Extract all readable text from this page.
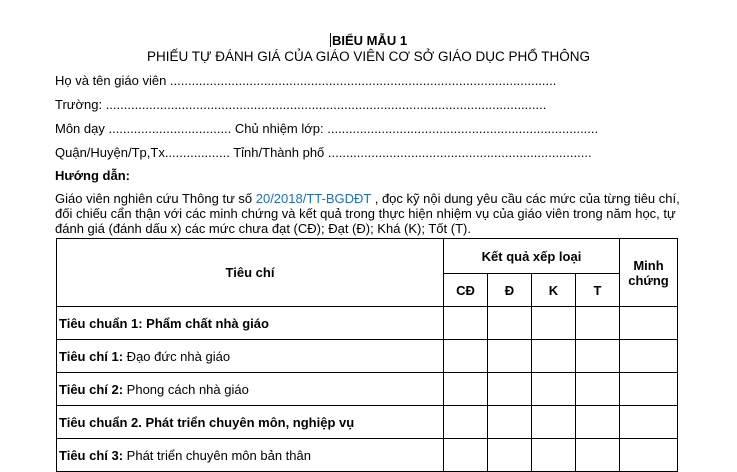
BIỂU MẪU 1
PHIẾU TỰ ĐÁNH GIÁ CỦA GIÁO VIÊN CƠ SỞ GIÁO DỤC PHỔ THÔNG
Họ và tên giáo viên ...........................................................................................................
Trường: ..........................................................................................................................
Môn dạy .................................. Chủ nhiệm lớp: ...........................................................................
Quận/Huyện/Tp,Tx.................. Tỉnh/Thành phố .........................................................................
Hướng dẫn:
Giáo viên nghiên cứu Thông tư số 20/2018/TT-BGDĐT , đọc kỹ nội dung yêu cầu các mức của từng tiêu chí, đối chiếu cẩn thận với các minh chứng và kết quả trong thực hiện nhiệm vụ của giáo viên trong năm học, tự đánh giá (đánh dấu x) các mức chưa đạt (CĐ); Đạt (Đ); Khá (K); Tốt (T).
Tiêu chí	Kết quả xếp loại				Minh chứng
	CĐ	Đ	K	T	
Tiêu chuẩn 1: Phẩm chất nhà giáo					
Tiêu chí 1: Đạo đức nhà giáo					
Tiêu chí 2: Phong cách nhà giáo					
Tiêu chuẩn 2. Phát triển chuyên môn, nghiệp vụ					
Tiêu chí 3: Phát triển chuyên môn bản thân					
